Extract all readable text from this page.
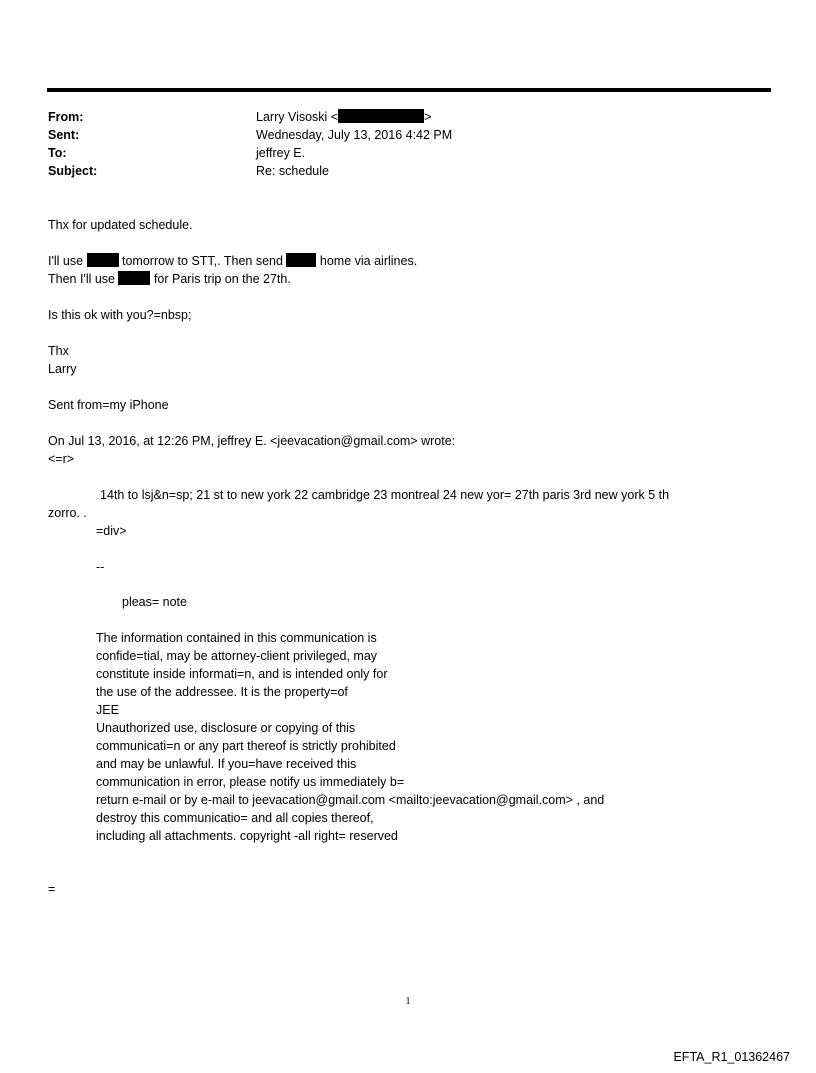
From:	Larry Visoski <	>
Sent:	Wednesday, July 13, 2016 4:42 PM
To:	jeffrey E.
Subject:	Re: schedule
Thx for updated schedule.
I'll use	tomorrow to STT,. Then send  home via airlines.
Then I'll use	for Paris trip on the 27th.
Is this ok with you?=nbsp;
Thx
Larry
Sent from=my iPhone
On Jul 13, 2016, at 12:26 PM, jeffrey E. <jeevacation@gmail.com> wrote:
<=r>
14th to lsj&n=sp; 21 st to new york 22 cambridge 23 montreal 24 new yor= 27th paris 3rd new york 5 th
zorro. .
=div>
--
pleas= note
The information contained in this communication is
confide=tial, may be attorney-client privileged, may
constitute inside informati=n, and is intended only for
the use of the addressee. It is the property=of
JEE
Unauthorized use, disclosure or copying of this
communicati=n or any part thereof is strictly prohibited
and may be unlawful. If you=have received this
communication in error, please notify us immediately b=
return e-mail or by e-mail to jeevacation@gmail.com <mailto:jeevacation@gmail.com> , and
destroy this communicatio= and all copies thereof,
including all attachments. copyright -all right= reserved
=
1
EFTA_R1_01362467
